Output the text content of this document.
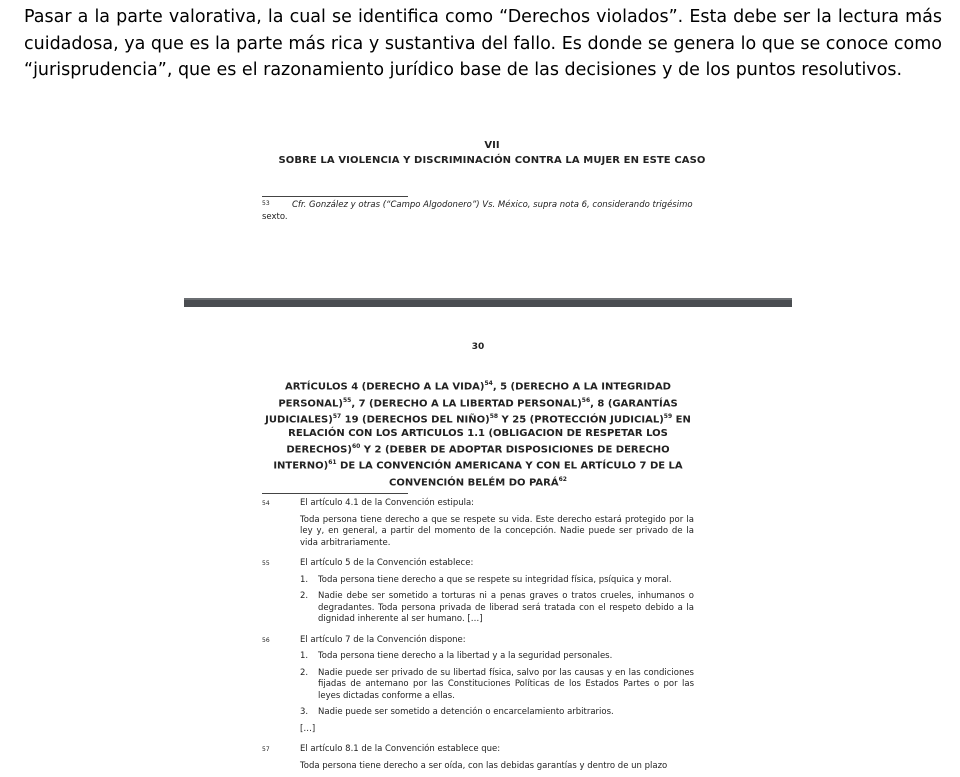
Pasar a la parte valorativa, la cual se identifica como “Derechos violados”. Esta debe ser la lectura más cuidadosa, ya que es la parte más rica y sustantiva del fallo. Es donde se genera lo que se conoce como “jurisprudencia”, que es el razonamiento jurídico base de las decisiones y de los puntos resolutivos.

VII
SOBRE LA VIOLENCIA Y DISCRIMINACIÓN CONTRA LA MUJER EN ESTE CASO
53	Cfr. González y otras (“Campo Algodonero”) Vs. México, supra nota 6, considerando trigésimo
sexto.
30
ARTÍCULOS 4 (DERECHO A LA VIDA)$^{54}$, 5 (DERECHO A LA INTEGRIDAD
PERSONAL)$^{55}$, 7 (DERECHO A LA LIBERTAD PERSONAL)$^{56}$, 8 (GARANTÍAS
JUDICIALES)$^{57}$ 19 (DERECHOS DEL NIÑO)$^{58}$ Y 25 (PROTECCIÓN JUDICIAL)$^{59}$ EN
RELACIÓN CON LOS ARTICULOS 1.1 (OBLIGACION DE RESPETAR LOS
DERECHOS)$^{60}$ Y 2 (DEBER DE ADOPTAR DISPOSICIONES DE DERECHO
INTERNO)$^{61}$ DE LA CONVENCIÓN AMERICANA Y CON EL ARTÍCULO 7 DE LA
CONVENCIÓN BELÉM DO PARÁ$^{62}$
54	El artículo 4.1 de la Convención estipula:

Toda persona tiene derecho a que se respete su vida. Este derecho estará protegido por la ley y, en general, a partir del momento de la concepción. Nadie puede ser privado de la vida arbitrariamente.

55	El artículo 5 de la Convención establece:

1.	Toda persona tiene derecho a que se respete su integridad física, psíquica y moral.
2.	Nadie debe ser sometido a torturas ni a penas graves o tratos crueles, inhumanos o degradantes. Toda persona privada de liberad será tratada con el respeto debido a la dignidad inherente al ser humano. […]
56	El artículo 7 de la Convención dispone:

1.	Toda persona tiene derecho a la libertad y a la seguridad personales.
2.	Nadie puede ser privado de su libertad física, salvo por las causas y en las condiciones fijadas de antemano por las Constituciones Políticas de los Estados Partes o por las leyes dictadas conforme a ellas.
3.	Nadie puede ser sometido a detención o encarcelamiento arbitrarios.

[…]

57	El artículo 8.1 de la Convención establece que:

Toda persona tiene derecho a ser oída, con las debidas garantías y dentro de un plazo
